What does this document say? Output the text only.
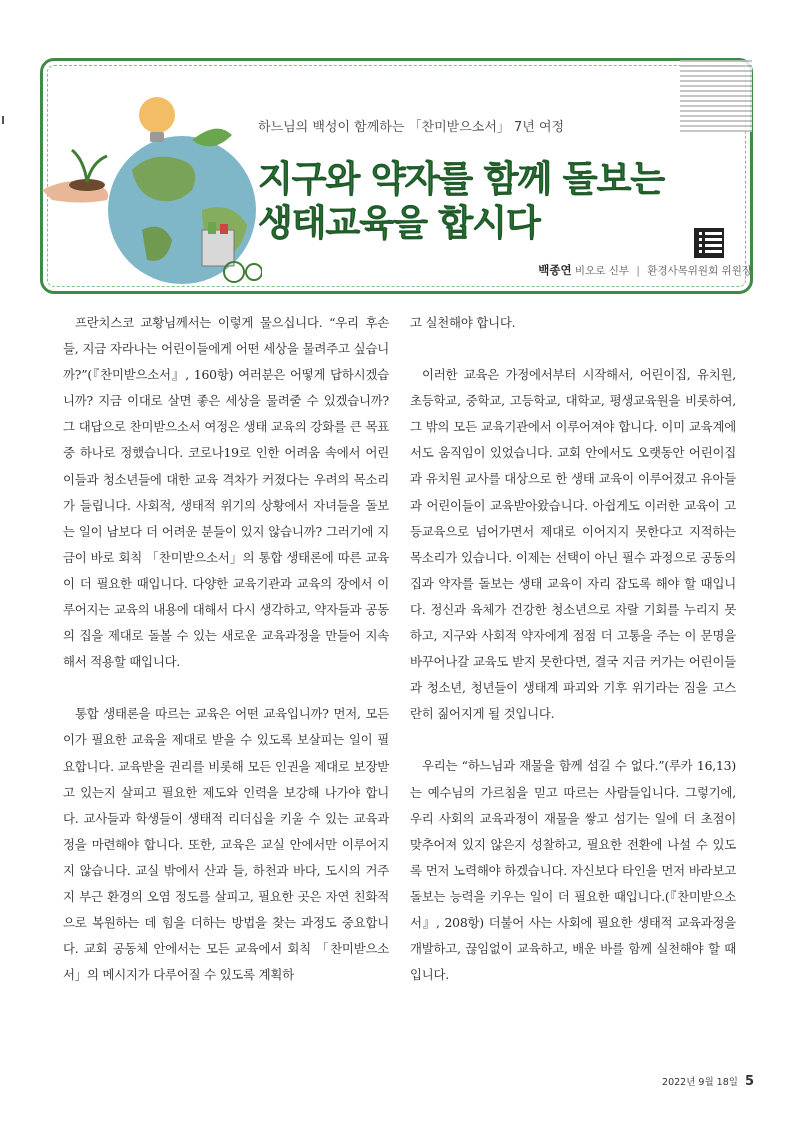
하느님의 백성이 함께하는 「찬미받으소서」 7년 여정
지구와 약자를 함께 돌보는
생태교육을 합시다
백종연 비오로 신부 | 환경사목위원회 위원장

프란치스코 교황님께서는 이렇게 물으십니다. “우리 후손들, 지금 자라나는 어린이들에게 어떤 세상을 물려주고 싶습니까?”(『찬미받으소서』, 160항) 여러분은 어떻게 답하시겠습니까? 지금 이대로 살면 좋은 세상을 물려줄 수 있겠습니까? 그 대답으로 찬미받으소서 여정은 생태 교육의 강화를 큰 목표 중 하나로 정했습니다. 코로나19로 인한 어려움 속에서 어린이들과 청소년들에 대한 교육 격차가 커졌다는 우려의 목소리가 들립니다. 사회적, 생태적 위기의 상황에서 자녀들을 돌보는 일이 남보다 더 어려운 분들이 있지 않습니까? 그러기에 지금이 바로 회칙 「찬미받으소서」의 통합 생태론에 따른 교육이 더 필요한 때입니다. 다양한 교육기관과 교육의 장에서 이루어지는 교육의 내용에 대해서 다시 생각하고, 약자들과 공동의 집을 제대로 돌볼 수 있는 새로운 교육과정을 만들어 지속해서 적용할 때입니다.

통합 생태론을 따르는 교육은 어떤 교육입니까? 먼저, 모든 이가 필요한 교육을 제대로 받을 수 있도록 보살피는 일이 필요합니다. 교육받을 권리를 비롯해 모든 인권을 제대로 보장받고 있는지 살피고 필요한 제도와 인력을 보강해 나가야 합니다. 교사들과 학생들이 생태적 리더십을 키울 수 있는 교육과정을 마련해야 합니다. 또한, 교육은 교실 안에서만 이루어지지 않습니다. 교실 밖에서 산과 들, 하천과 바다, 도시의 거주지 부근 환경의 오염 정도를 살피고, 필요한 곳은 자연 친화적으로 복원하는 데 힘을 더하는 방법을 찾는 과정도 중요합니다. 교회 공동체 안에서는 모든 교육에서 회칙 「찬미받으소서」의 메시지가 다루어질 수 있도록 계획하

고 실천해야 합니다.

이러한 교육은 가정에서부터 시작해서, 어린이집, 유치원, 초등학교, 중학교, 고등학교, 대학교, 평생교육원을 비롯하여, 그 밖의 모든 교육기관에서 이루어져야 합니다. 이미 교육계에서도 움직임이 있었습니다. 교회 안에서도 오랫동안 어린이집과 유치원 교사를 대상으로 한 생태 교육이 이루어졌고 유아들과 어린이들이 교육받아왔습니다. 아쉽게도 이러한 교육이 고등교육으로 넘어가면서 제대로 이어지지 못한다고 지적하는 목소리가 있습니다. 이제는 선택이 아닌 필수 과정으로 공동의 집과 약자를 돌보는 생태 교육이 자리 잡도록 해야 할 때입니다. 정신과 육체가 건강한 청소년으로 자랄 기회를 누리지 못하고, 지구와 사회적 약자에게 점점 더 고통을 주는 이 문명을 바꾸어나갈 교육도 받지 못한다면, 결국 지금 커가는 어린이들과 청소년, 청년들이 생태계 파괴와 기후 위기라는 짐을 고스란히 짊어지게 될 것입니다.

우리는 “하느님과 재물을 함께 섬길 수 없다.”(루카 16,13)는 예수님의 가르침을 믿고 따르는 사람들입니다. 그렇기에, 우리 사회의 교육과정이 재물을 쌓고 섬기는 일에 더 초점이 맞추어져 있지 않은지 성찰하고, 필요한 전환에 나설 수 있도록 먼저 노력해야 하겠습니다. 자신보다 타인을 먼저 바라보고 돌보는 능력을 키우는 일이 더 필요한 때입니다.(『찬미받으소서』, 208항) 더불어 사는 사회에 필요한 생태적 교육과정을 개발하고, 끊임없이 교육하고, 배운 바를 함께 실천해야 할 때입니다.

2022년 9월 18일 5
